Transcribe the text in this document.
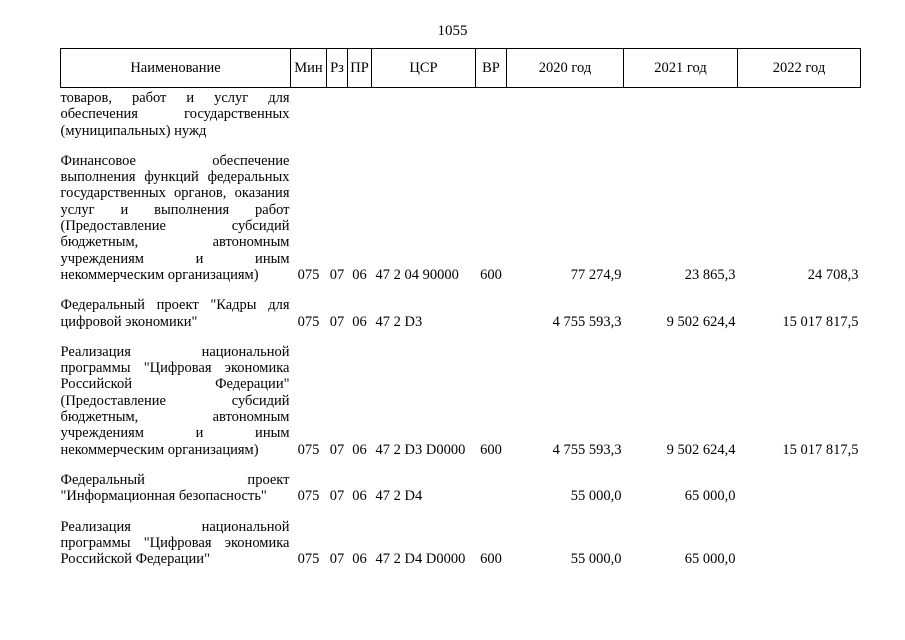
1055
Наименование	Мин	Рз	ПР	ЦСР	ВР	2020 год	2021 год	2022 год
товаров, работ и услуг для обеспечения государственных (муниципальных) нужд								

Финансовое обеспечение выполнения функций федеральных государственных органов, оказания услуг и выполнения работ (Предоставление субсидий бюджетным, автономным учреждениям и иным некоммерческим организациям)	075	07	06	47 2 04 90000	600	77 274,9	23 865,3	24 708,3

Федеральный проект "Кадры для цифровой экономики"	075	07	06	47 2 D3		4 755 593,3	9 502 624,4	15 017 817,5

Реализация национальной программы "Цифровая экономика Российской Федерации" (Предоставление субсидий бюджетным, автономным учреждениям и иным некоммерческим организациям)	075	07	06	47 2 D3 D0000	600	4 755 593,3	9 502 624,4	15 017 817,5

Федеральный проект "Информационная безопасность"	075	07	06	47 2 D4		55 000,0	65 000,0	

Реализация национальной программы "Цифровая экономика Российской Федерации"	075	07	06	47 2 D4 D0000	600	55 000,0	65 000,0	
